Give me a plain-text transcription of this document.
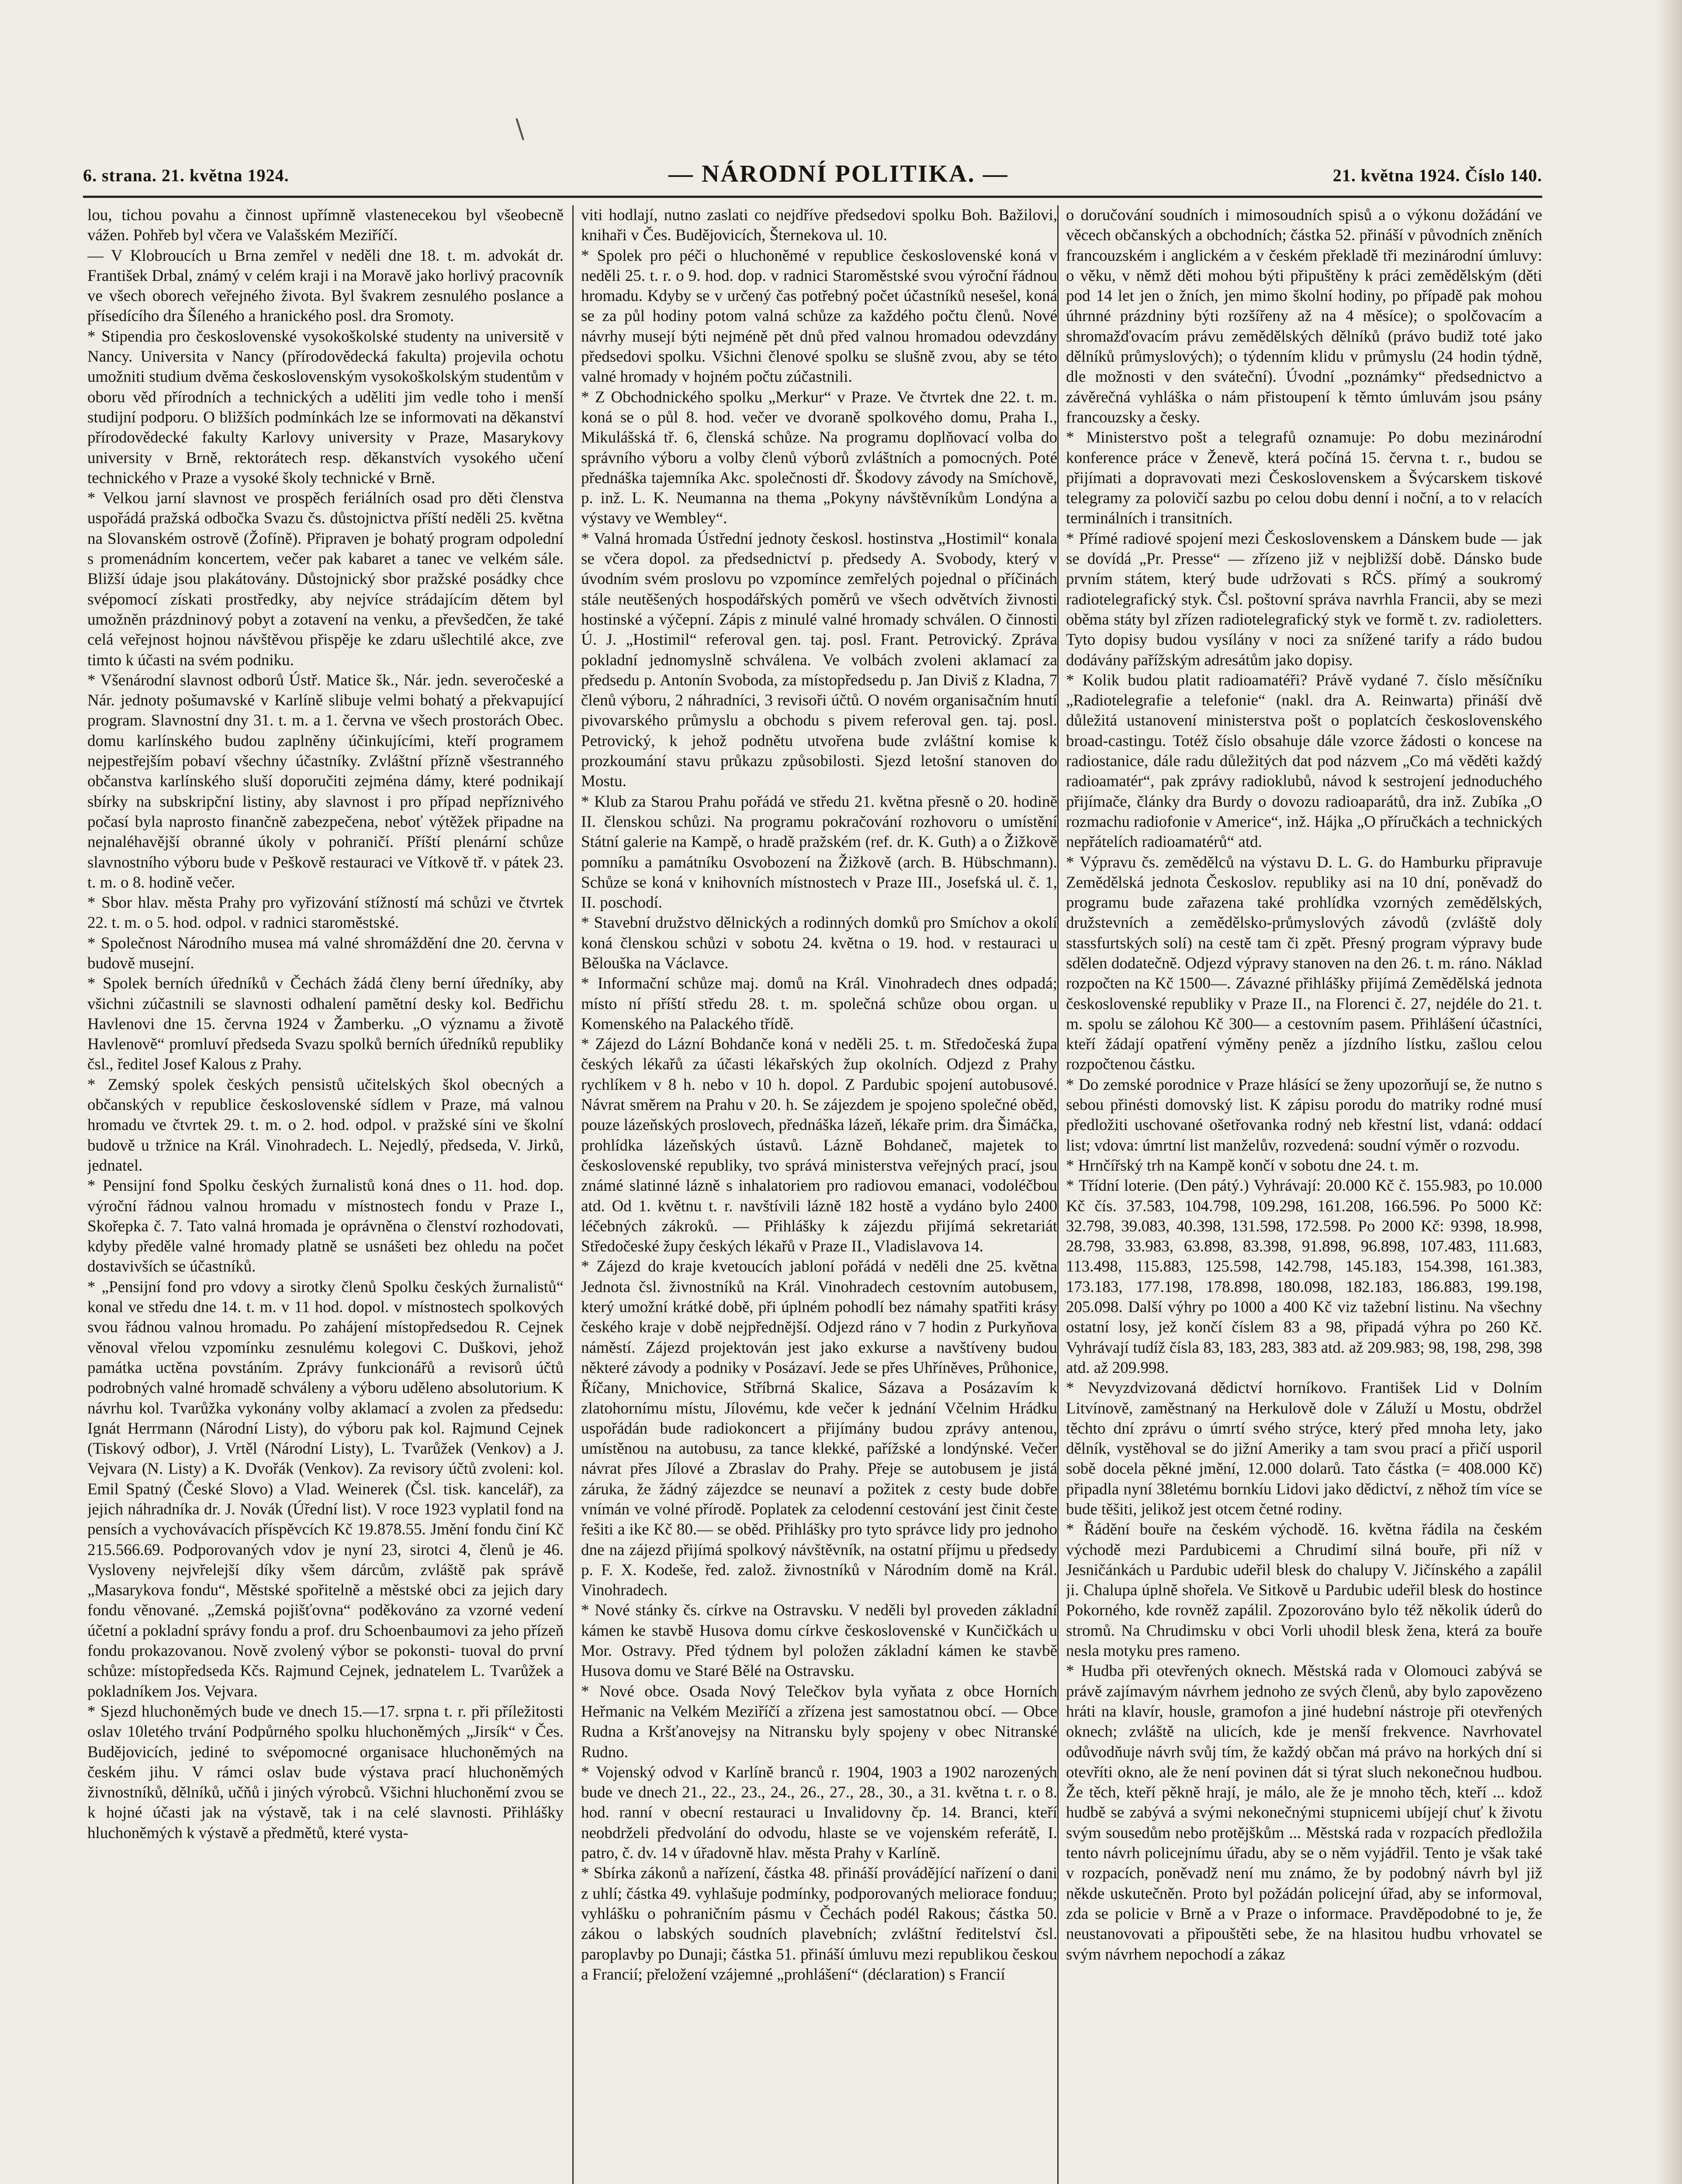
\
6. strana. 21. května 1924.	— NÁRODNÍ POLITIKA. —	21. května 1924. Číslo 140.

lou, tichou povahu a činnost upřímně vlastenecekou byl všeobecně vážen. Pohřeb byl včera ve Valašském Meziříčí.

— V Klobroucích u Brna zemřel v neděli dne 18. t. m. advokát dr. František Drbal, známý v celém kraji i na Moravě jako horlivý pracovník ve všech oborech veřejného života. Byl švakrem zesnulého poslance a přísedícího dra Šíleného a hranického posl. dra Sromoty.

* Stipendia pro československé vysokoškolské studenty na universitě v Nancy. Universita v Nancy (přírodovědecká fakulta) projevila ochotu umožniti studium dvěma československým vysokoškolským studentům v oboru věd přírodních a technických a uděliti jim vedle toho i menší studijní podporu. O bližších podmínkách lze se informovati na děkanství přírodovědecké fakulty Karlovy university v Praze, Masarykovy university v Brně, rektorátech resp. děkanstvích vysokého učení technického v Praze a vysoké školy technické v Brně.

* Velkou jarní slavnost ve prospěch feriálních osad pro děti členstva uspořádá pražská odbočka Svazu čs. důstojnictva příští neděli 25. května na Slovanském ostrově (Žofíně). Připraven je bohatý program odpolední s promenádním koncertem, večer pak kabaret a tanec ve velkém sále. Bližší údaje jsou plakátovány. Důstojnický sbor pražské posádky chce svépomocí získati prostředky, aby nejvíce strádajícím dětem byl umožněn prázdninový pobyt a zotavení na venku, a převšedčen, že také celá veřejnost hojnou návštěvou přispěje ke zdaru ušlechtilé akce, zve timto k účasti na svém podniku.

* Všenárodní slavnost odborů Ústř. Matice šk., Nár. jedn. severočeské a Nár. jednoty pošumavské v Karlíně slibuje velmi bohatý a překvapující program. Slavnostní dny 31. t. m. a 1. června ve všech prostorách Obec. domu karlínského budou zaplněny účinkujícími, kteří programem nejpestřejším pobaví všechny účastníky. Zvláštní přízně všestranného občanstva karlínského sluší doporučiti zejména dámy, které podnikají sbírky na subskripční listiny, aby slavnost i pro případ nepříznivého počasí byla naprosto finančně zabezpečena, neboť výtěžek připadne na nejnaléhavější obranné úkoly v pohraničí. Příští plenární schůze slavnostního výboru bude v Peškově restauraci ve Vítkově tř. v pátek 23. t. m. o 8. hodině večer.

* Sbor hlav. města Prahy pro vyřizování stížností má schůzi ve čtvrtek 22. t. m. o 5. hod. odpol. v radnici staroměstské.

* Společnost Národního musea má valné shromáždění dne 20. června v budově musejní.

* Spolek berních úředníků v Čechách žádá členy berní úředníky, aby všichni zúčastnili se slavnosti odhalení pamětní desky kol. Bedřichu Havlenovi dne 15. června 1924 v Žamberku. „O významu a životě Havlenově“ promluví předseda Svazu spolků berních úředníků republiky čsl., ředitel Josef Kalous z Prahy.

* Zemský spolek českých pensistů učitelských škol obecných a občanských v republice československé sídlem v Praze, má valnou hromadu ve čtvrtek 29. t. m. o 2. hod. odpol. v pražské síni ve školní budově u tržnice na Král. Vinohradech. L. Nejedlý, předseda, V. Jirků, jednatel.

* Pensijní fond Spolku českých žurnalistů koná dnes o 11. hod. dop. výroční řádnou valnou hromadu v místnostech fondu v Praze I., Skořepka č. 7. Tato valná hromada je oprávněna o členství rozhodovati, kdyby předěle valné hromady platně se usnášeti bez ohledu na počet dostavivších se účastníků.

* „Pensijní fond pro vdovy a sirotky členů Spolku českých žurnalistů“ konal ve středu dne 14. t. m. v 11 hod. dopol. v místnostech spolkových svou řádnou valnou hromadu. Po zahájení místopředsedou R. Cejnek věnoval vřelou vzpomínku zesnulému kolegovi C. Duškovi, jehož památka uctěna povstáním. Zprávy funkcionářů a revisorů účtů podrobných valné hromadě schváleny a výboru uděleno absolutorium. K návrhu kol. Tvarůžka vykonány volby aklamací a zvolen za předsedu: Ignát Herrmann (Národní Listy), do výboru pak kol. Rajmund Cejnek (Tiskový odbor), J. Vrtěl (Národní Listy), L. Tvarůžek (Venkov) a J. Vejvara (N. Listy) a K. Dvořák (Venkov). Za revisory účtů zvoleni: kol. Emil Spatný (České Slovo) a Vlad. Weinerek (Čsl. tisk. kancelář), za jejich náhradníka dr. J. Novák (Úřední list). V roce 1923 vyplatil fond na pensích a vychovávacích příspěvcích Kč 19.878.55. Jmění fondu činí Kč 215.566.69. Podporovaných vdov je nyní 23, sirotci 4, členů je 46. Vysloveny nejvřelejší díky všem dárcům, zvláště pak správě „Masarykova fondu“, Městské spořitelně a městské obci za jejich dary fondu věnované. „Zemská pojišťovna“ poděkováno za vzorné vedení účetní a pokladní správy fondu a prof. dru Schoenbaumovi za jeho přízeň fondu prokazovanou. Nově zvolený výbor se pokonsti- tuoval do první schůze: místopředseda Kčs. Rajmund Cejnek, jednatelem L. Tvarůžek a pokladníkem Jos. Vejvara.

* Sjezd hluchoněmých bude ve dnech 15.—17. srpna t. r. při příležitosti oslav 10letého trvání Podpůrného spolku hluchoněmých „Jirsík“ v Čes. Budějovicích, jediné to svépomocné organisace hluchoněmých na českém jihu. V rámci oslav bude výstava prací hluchoněmých živnostníků, dělníků, učňů i jiných výrobců. Všichni hluchoněmí zvou se k hojné účasti jak na výstavě, tak i na celé slavnosti. Přihlášky hluchoněmých k výstavě a předmětů, které vysta-

viti hodlají, nutno zaslati co nejdříve předsedovi spolku Boh. Bažilovi, knihaři v Čes. Budějovicích, Šternekova ul. 10.

* Spolek pro péči o hluchoněmé v republice československé koná v neděli 25. t. r. o 9. hod. dop. v radnici Staroměstské svou výroční řádnou hromadu. Kdyby se v určený čas potřebný počet účastníků nesešel, koná se za půl hodiny potom valná schůze za každého počtu členů. Nové návrhy musejí býti nejméně pět dnů před valnou hromadou odevzdány předsedovi spolku. Všichni členové spolku se slušně zvou, aby se této valné hromady v hojném počtu zúčastnili.

* Z Obchodnického spolku „Merkur“ v Praze. Ve čtvrtek dne 22. t. m. koná se o půl 8. hod. večer ve dvoraně spolkového domu, Praha I., Mikulášská tř. 6, členská schůze. Na programu doplňovací volba do správního výboru a volby členů výborů zvláštních a pomocných. Poté přednáška tajemníka Akc. společnosti dř. Škodovy závody na Smíchově, p. inž. L. K. Neumanna na thema „Pokyny návštěvníkům Londýna a výstavy ve Wembley“.

* Valná hromada Ústřední jednoty českosl. hostinstva „Hostimil“ konala se včera dopol. za předsednictví p. předsedy A. Svobody, který v úvodním svém proslovu po vzpomínce zemřelých pojednal o příčinách stále neutěšených hospodářských poměrů ve všech odvětvích živnosti hostinské a výčepní. Zápis z minulé valné hromady schválen. O činnosti Ú. J. „Hostimil“ referoval gen. taj. posl. Frant. Petrovický. Zpráva pokladní jednomyslně schválena. Ve volbách zvoleni aklamací za předsedu p. Antonín Svoboda, za místopředsedu p. Jan Diviš z Kladna, 7 členů výboru, 2 náhradníci, 3 revisoři účtů. O novém organisačním hnutí pivovarského průmyslu a obchodu s pivem referoval gen. taj. posl. Petrovický, k jehož podnětu utvořena bude zvláštní komise k prozkoumání stavu průkazu způsobilosti. Sjezd letošní stanoven do Mostu.

* Klub za Starou Prahu pořádá ve středu 21. května přesně o 20. hodině II. členskou schůzi. Na programu pokračování rozhovoru o umístění Státní galerie na Kampě, o hradě pražském (ref. dr. K. Guth) a o Žižkově pomníku a památníku Osvobození na Žižkově (arch. B. Hübschmann). Schůze se koná v knihovních místnostech v Praze III., Josefská ul. č. 1, II. poschodí.

* Stavební družstvo dělnických a rodinných domků pro Smíchov a okolí koná členskou schůzi v sobotu 24. května o 19. hod. v restauraci u Bělouška na Václavce.

* Informační schůze maj. domů na Král. Vinohradech dnes odpadá; místo ní příští středu 28. t. m. společná schůze obou organ. u Komenského na Palackého třídě.

* Zájezd do Lázní Bohdanče koná v neděli 25. t. m. Středočeská župa českých lékařů za účasti lékařských žup okolních. Odjezd z Prahy rychlíkem v 8 h. nebo v 10 h. dopol. Z Pardubic spojení autobusové. Návrat směrem na Prahu v 20. h. Se zájezdem je spojeno společné oběd, pouze lázeňských proslovech, přednáška lázeň, lékaře prim. dra Šimáčka, prohlídka lázeňských ústavů. Lázně Bohdaneč, majetek to československé republiky, tvo správá ministerstva veřejných prací, jsou známé slatinné lázně s inhalatoriem pro radiovou emanaci, vodoléčbou atd. Od 1. květnu t. r. navštívili lázně 182 hostě a vydáno bylo 2400 léčebných zákroků. — Přihlášky k zájezdu přijímá sekretariát Středočeské župy českých lékařů v Praze II., Vladislavova 14.

* Zájezd do kraje kvetoucích jabloní pořádá v neděli dne 25. května Jednota čsl. živnostníků na Král. Vinohradech cestovním autobusem, který umožní krátké době, při úplném pohodlí bez námahy spatřiti krásy českého kraje v době nejpřednější. Odjezd ráno v 7 hodin z Purkyňova náměstí. Zájezd projektován jest jako exkurse a navštíveny budou některé závody a podniky v Posázaví. Jede se přes Uhříněves, Průhonice, Říčany, Mnichovice, Stříbrná Skalice, Sázava a Posázavím k zlatohornímu místu, Jílovému, kde večer k jednání Včelnim Hrádku uspořádán bude radiokoncert a přijímány budou zprávy antenou, umístěnou na autobusu, za tance klekké, pařížské a londýnské. Večer návrat přes Jílové a Zbraslav do Prahy. Přeje se autobusem je jistá záruka, že žádný zájezdce se neunaví a požitek z cesty bude dobře vnímán ve volné přírodě. Poplatek za celodenní cestování jest činit česte řešiti a ike Kč 80.— se oběd. Přihlášky pro tyto správce lidy pro jednoho dne na zájezd přijímá spolkový návštěvník, na ostatní příjmu u předsedy p. F. X. Kodeše, řed. založ. živnostníků v Národním domě na Král. Vinohradech.

* Nové stánky čs. církve na Ostravsku. V neděli byl proveden základní kámen ke stavbě Husova domu církve československé v Kunčičkách u Mor. Ostravy. Před týdnem byl položen základní kámen ke stavbě Husova domu ve Staré Bělé na Ostravsku.

* Nové obce. Osada Nový Telečkov byla vyňata z obce Horních Heřmanic na Velkém Meziříčí a zřízena jest samostatnou obcí. — Obce Rudna a Kršťanovejsy na Nitransku byly spojeny v obec Nitranské Rudno.

* Vojenský odvod v Karlíně branců r. 1904, 1903 a 1902 narozených bude ve dnech 21., 22., 23., 24., 26., 27., 28., 30., a 31. května t. r. o 8. hod. ranní v obecní restauraci u Invalidovny čp. 14. Branci, kteří neobdrželi předvolání do odvodu, hlaste se ve vojenském referátě, I. patro, č. dv. 14 v úřadovně hlav. města Prahy v Karlíně.

* Sbírka zákonů a nařízení, částka 48. přináší provádějící nařízení o dani z uhlí; částka 49. vyhlašuje podmínky, podporovaných meliorace fonduu; vyhlášku o pohraničním pásmu v Čechách podél Rakous; částka 50. zákou o labských soudních plavebních; zvláštní ředitelství čsl. paroplavby po Dunaji; částka 51. přináší úmluvu mezi republikou českou a Francií; přeložení vzájemné „prohlášení“ (déclaration) s Francií

o doručování soudních i mimosoudních spisů a o výkonu dožádání ve věcech občanských a obchodních; částka 52. přináší v původních zněních francouzském i anglickém a v českém překladě tři mezinárodní úmluvy: o věku, v němž děti mohou býti připuštěny k práci zemědělským (děti pod 14 let jen o žních, jen mimo školní hodiny, po případě pak mohou úhrnné prázdniny býti rozšířeny až na 4 měsíce); o spolčovacím a shromažďovacím právu zemědělských dělníků (právo budiž toté jako dělníků průmyslových); o týdenním klidu v průmyslu (24 hodin týdně, dle možnosti v den sváteční). Úvodní „poznámky“ předsednictvo a závěrečná vyhláška o nám přistoupení k těmto úmluvám jsou psány francouzsky a česky.

* Ministerstvo pošt a telegrafů oznamuje: Po dobu mezinárodní konference práce v Ženevě, která počíná 15. června t. r., budou se přijímati a dopravovati mezi Československem a Švýcarskem tiskové telegramy za polovičí sazbu po celou dobu denní i noční, a to v relacích terminálních i transitních.

* Přímé radiové spojení mezi Československem a Dánskem bude — jak se dovídá „Pr. Presse“ — zřízeno již v nejbližší době. Dánsko bude prvním státem, který bude udržovati s RČS. přímý a soukromý radiotelegrafický styk. Čsl. poštovní správa navrhla Francii, aby se mezi oběma státy byl zřízen radiotelegrafický styk ve formě t. zv. radioletters. Tyto dopisy budou vysílány v noci za snížené tarify a rádo budou dodávány pařížským adresátům jako dopisy.

* Kolik budou platit radioamatéři? Právě vydané 7. číslo měsíčníku „Radiotelegrafie a telefonie“ (nakl. dra A. Reinwarta) přináší dvě důležitá ustanovení ministerstva pošt o poplatcích československého broad-castingu. Totéž číslo obsahuje dále vzorce žádosti o koncese na radiostanice, dále radu důležitých dat pod názvem „Co má věděti každý radioamatér“, pak zprávy radioklubů, návod k sestrojení jednoduchého přijímače, články dra Burdy o dovozu radioaparátů, dra inž. Zubíka „O rozmachu radiofonie v Americe“, inž. Hájka „O příručkách a technických nepřátelích radioamatérů“ atd.

* Výpravu čs. zemědělců na výstavu D. L. G. do Hamburku připravuje Zemědělská jednota Českoslov. republiky asi na 10 dní, poněvadž do programu bude zařazena také prohlídka vzorných zemědělských, družstevních a zemědělsko-průmyslových závodů (zvláště doly stassfurtských solí) na cestě tam či zpět. Přesný program výpravy bude sdělen dodatečně. Odjezd výpravy stanoven na den 26. t. m. ráno. Náklad rozpočten na Kč 1500—. Závazné přihlášky přijímá Zemědělská jednota československé republiky v Praze II., na Florenci č. 27, nejdéle do 21. t. m. spolu se zálohou Kč 300— a cestovním pasem. Přihlášení účastníci, kteří žádají opatření výměny peněz a jízdního lístku, zašlou celou rozpočtenou částku.

* Do zemské porodnice v Praze hlásící se ženy upozorňují se, že nutno s sebou přinésti domovský list. K zápisu porodu do matriky rodné musí předložiti uschované ošetřovanka rodný neb křestní list, vdaná: oddací list; vdova: úmrtní list manželův, rozvedená: soudní výměr o rozvodu.

* Hrnčířský trh na Kampě končí v sobotu dne 24. t. m.

* Třídní loterie. (Den pátý.) Vyhrávají: 20.000 Kč č. 155.983, po 10.000 Kč čís. 37.583, 104.798, 109.298, 161.208, 166.596. Po 5000 Kč: 32.798, 39.083, 40.398, 131.598, 172.598. Po 2000 Kč: 9398, 18.998, 28.798, 33.983, 63.898, 83.398, 91.898, 96.898, 107.483, 111.683, 113.498, 115.883, 125.598, 142.798, 145.183, 154.398, 161.383, 173.183, 177.198, 178.898, 180.098, 182.183, 186.883, 199.198, 205.098. Další výhry po 1000 a 400 Kč viz tažební listinu. Na všechny ostatní losy, jež končí číslem 83 a 98, připadá výhra po 260 Kč. Vyhrávají tudíž čísla 83, 183, 283, 383 atd. až 209.983; 98, 198, 298, 398 atd. až 209.998.

* Nevyzdvizovaná dědictví horníkovo. František Lid v Dolním Litvínově, zaměstnaný na Herkulově dole v Záluží u Mostu, obdržel těchto dní zprávu o úmrtí svého strýce, který před mnoha lety, jako dělník, vystěhoval se do jižní Ameriky a tam svou prací a přičí usporil sobě docela pěkné jmění, 12.000 dolarů. Tato částka (= 408.000 Kč) připadla nyní 38letému bornkíu Lidovi jako dědictví, z něhož tím více se bude těšiti, jelikož jest otcem četné rodiny.

* Řádění bouře na českém východě. 16. května řádila na českém východě mezi Pardubicemi a Chrudimí silná bouře, při níž v Jesničánkách u Pardubic udeřil blesk do chalupy V. Jičínského a zapálil ji. Chalupa úplně shořela. Ve Sitkově u Pardubic udeřil blesk do hostince Pokorného, kde rovněž zapálil. Zpozorováno bylo též několik úderů do stromů. Na Chrudimsku v obci Vorli uhodil blesk žena, která za bouře nesla motyku pres rameno.

* Hudba při otevřených oknech. Městská rada v Olomouci zabývá se právě zajímavým návrhem jednoho ze svých členů, aby bylo zapovězeno hráti na klavír, housle, gramofon a jiné hudební nástroje při otevřených oknech; zvláště na ulicích, kde je menší frekvence. Navrhovatel odůvodňuje návrh svůj tím, že každý občan má právo na horkých dní si otevříti okno, ale že není povinen dát si týrat sluch nekonečnou hudbou. Že těch, kteří pěkně hrají, je málo, ale že je mnoho těch, kteří ... kdož hudbě se zabývá a svými nekonečnými stupnicemi ubíjejí chuť k životu svým sousedům nebo protějškům ... Městská rada v rozpacích předložila tento návrh policejnímu úřadu, aby se o něm vyjádřil. Tento je však také v rozpacích, poněvadž není mu známo, že by podobný návrh byl již někde uskutečněn. Proto byl požádán policejní úřad, aby se informoval, zda se policie v Brně a v Praze o informace. Pravděpodobné to je, že neustanovovati a připouštěti sebe, že na hlasitou hudbu vrhovatel se svým návrhem nepochodí a zákaz
